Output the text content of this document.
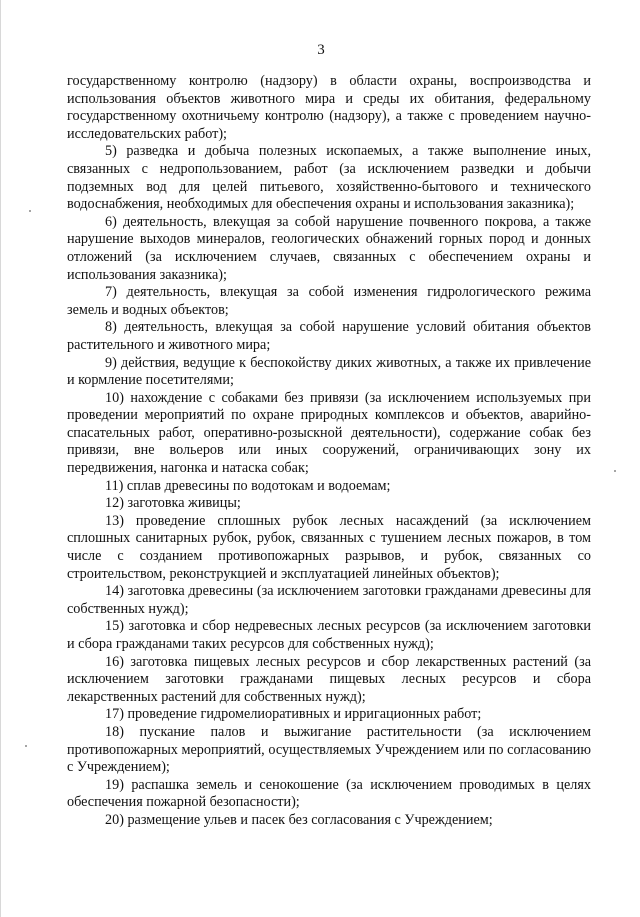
3

государственному контролю (надзору) в области охраны, воспроизводства и использования объектов животного мира и среды их обитания, федеральному государственному охотничьему контролю (надзору), а также с проведением научно-исследовательских работ);

5) разведка и добыча полезных ископаемых, а также выполнение иных, связанных с недропользованием, работ (за исключением разведки и добычи подземных вод для целей питьевого, хозяйственно-бытового и технического водоснабжения, необходимых для обеспечения охраны и использования заказника);

6) деятельность, влекущая за собой нарушение почвенного покрова, а также нарушение выходов минералов, геологических обнажений горных пород и донных отложений (за исключением случаев, связанных с обеспечением охраны и использования заказника);

7) деятельность, влекущая за собой изменения гидрологического режима земель и водных объектов;

8) деятельность, влекущая за собой нарушение условий обитания объектов растительного и животного мира;

9) действия, ведущие к беспокойству диких животных, а также их привлечение и кормление посетителями;

10) нахождение с собаками без привязи (за исключением используемых при проведении мероприятий по охране природных комплексов и объектов, аварийно-спасательных работ, оперативно-розыскной деятельности), содержание собак без привязи, вне вольеров или иных сооружений, ограничивающих зону их передвижения, нагонка и натаска собак;

11) сплав древесины по водотокам и водоемам;

12) заготовка живицы;

13) проведение сплошных рубок лесных насаждений (за исключением сплошных санитарных рубок, рубок, связанных с тушением лесных пожаров, в том числе с созданием противопожарных разрывов, и рубок, связанных со строительством, реконструкцией и эксплуатацией линейных объектов);

14) заготовка древесины (за исключением заготовки гражданами древесины для собственных нужд);

15) заготовка и сбор недревесных лесных ресурсов (за исключением заготовки и сбора гражданами таких ресурсов для собственных нужд);

16) заготовка пищевых лесных ресурсов и сбор лекарственных растений (за исключением заготовки гражданами пищевых лесных ресурсов и сбора лекарственных растений для собственных нужд);

17) проведение гидромелиоративных и ирригационных работ;

18) пускание палов и выжигание растительности (за исключением противопожарных мероприятий, осуществляемых Учреждением или по согласованию с Учреждением);

19) распашка земель и сенокошение (за исключением проводимых в целях обеспечения пожарной безопасности);

20) размещение ульев и пасек без согласования с Учреждением;
